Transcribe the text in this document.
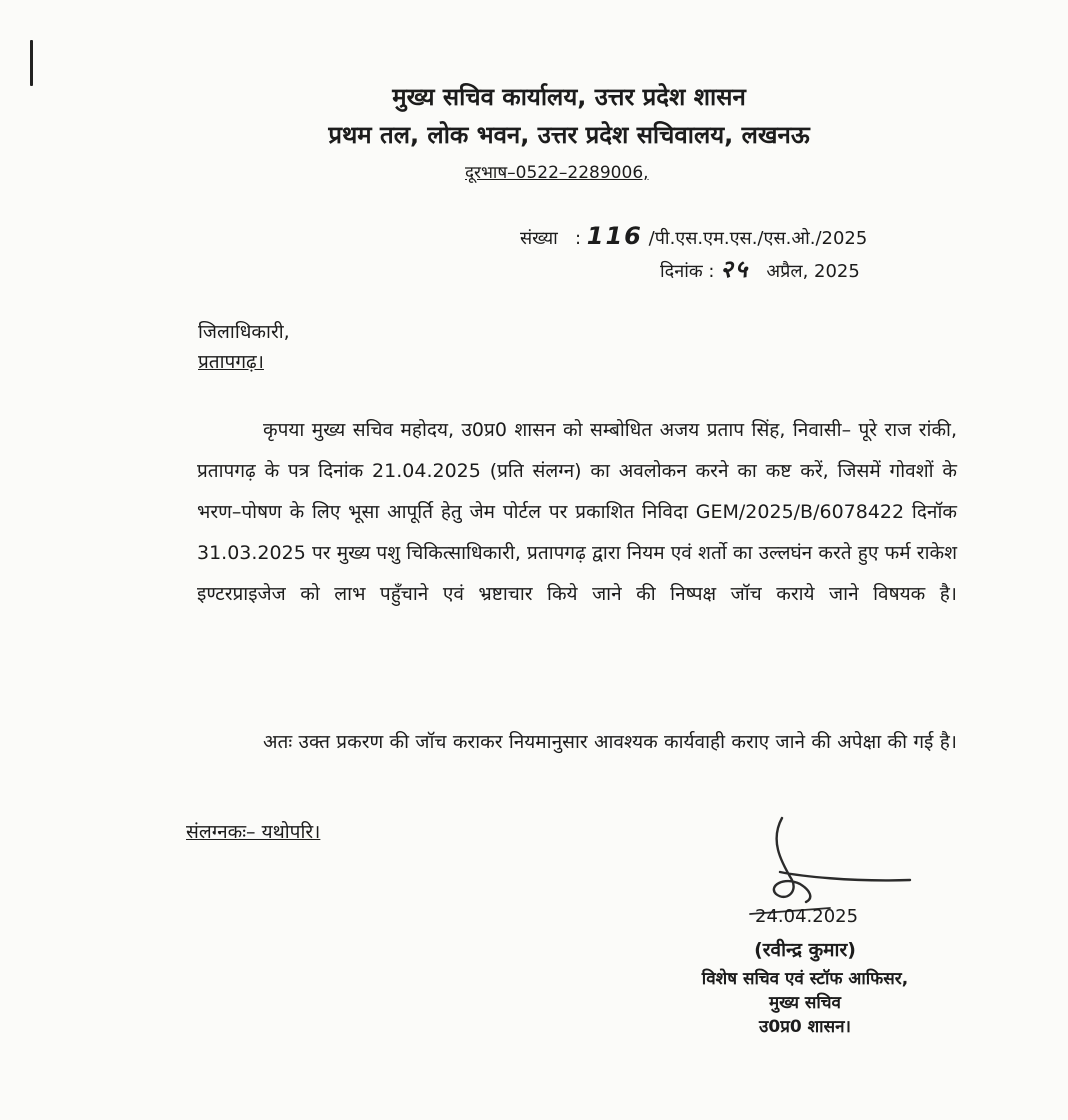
मुख्य सचिव कार्यालय, उत्तर प्रदेश शासन
प्रथम तल, लोक भवन, उत्तर प्रदेश सचिवालय, लखनऊ
दूरभाष–0522–2289006,
संख्या   : 116 /पी.एस.एम.एस./एस.ओ./2025
दिनांक : २५ अप्रैल, 2025
जिलाधिकारी,
प्रतापगढ़।
कृपया मुख्य सचिव महोदय, उ0प्र0 शासन को सम्बोधित अजय प्रताप सिंह, निवासी– पूरे राज रांकी, प्रतापगढ़ के पत्र दिनांक 21.04.2025 (प्रति संलग्न) का अवलोकन करने का कष्ट करें, जिसमें गोवशों के भरण–पोषण के लिए भूसा आपूर्ति हेतु जेम पोर्टल पर प्रकाशित निविदा GEM/2025/B/6078422 दिनॉक 31.03.2025 पर मुख्य पशु चिकित्साधिकारी, प्रतापगढ़ द्वारा नियम एवं शर्तो का उल्लघंन करते हुए फर्म राकेश इण्टरप्राइजेज को लाभ पहुँचाने एवं भ्रष्टाचार किये जाने की निष्पक्ष जॉच कराये जाने विषयक है।
अतः उक्त प्रकरण की जॉच कराकर नियमानुसार आवश्यक कार्यवाही कराए जाने की अपेक्षा की गई है।
संलग्नकः– यथोपरि।
24.04.2025
(रवीन्द्र कुमार)
विशेष सचिव एवं स्टॉफ आफिसर,
मुख्य सचिव
उ0प्र0 शासन।
